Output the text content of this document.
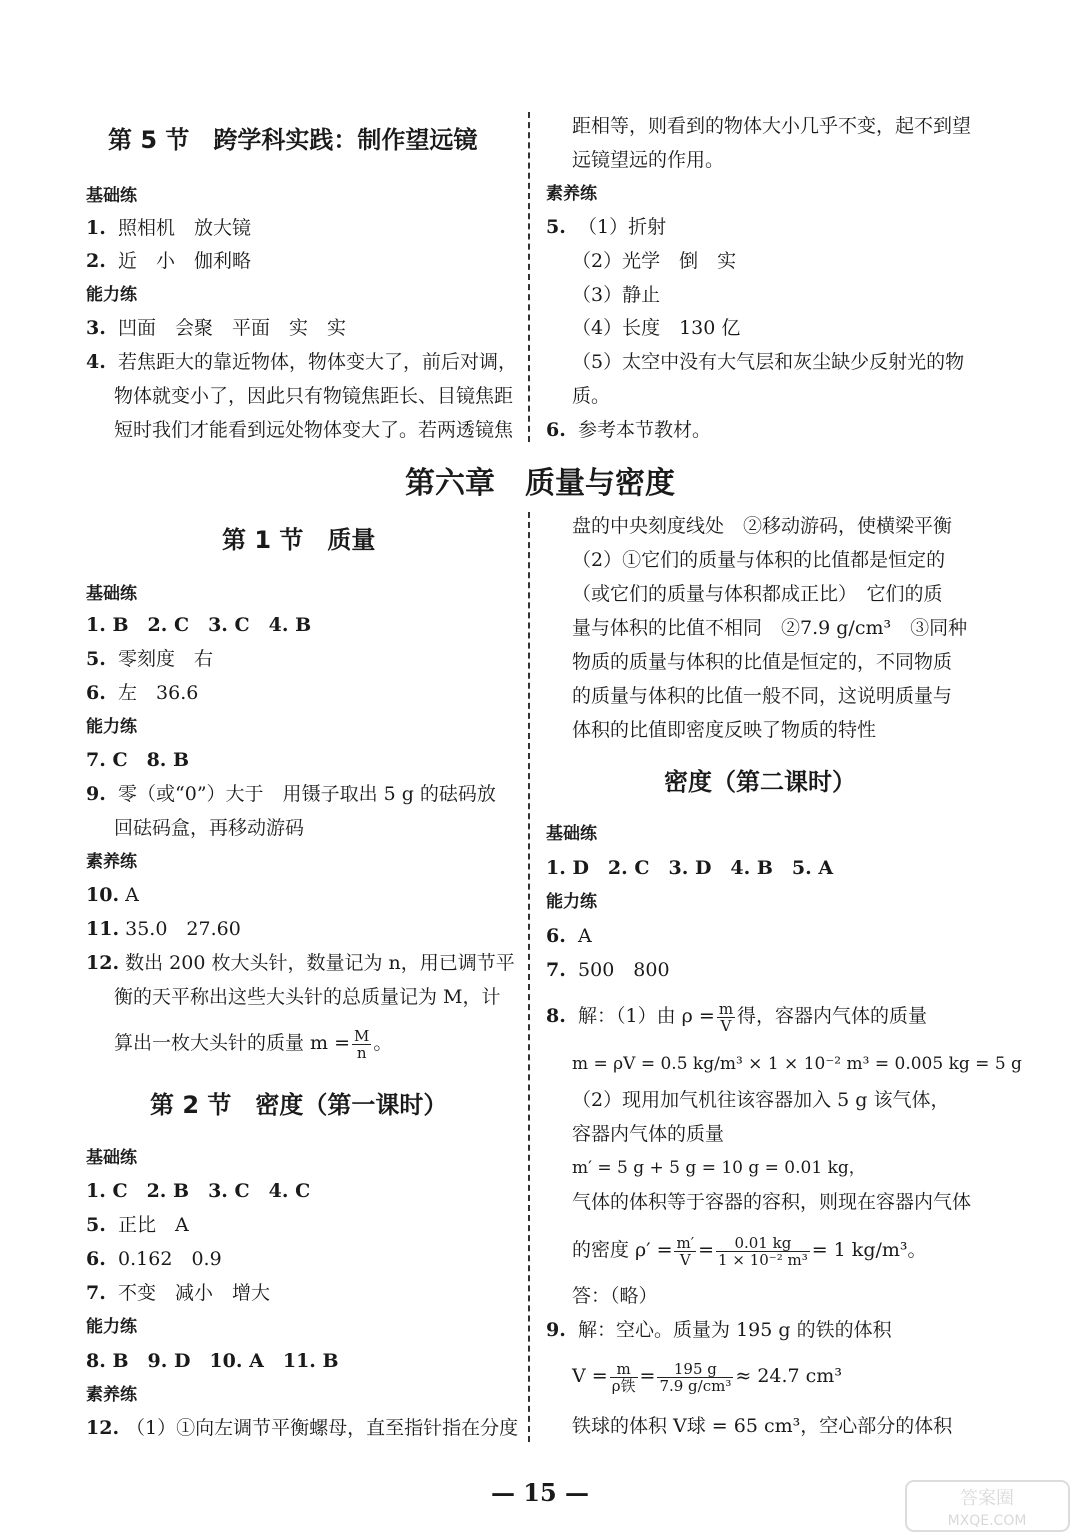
第 5 节　跨学科实践：制作望远镜
基础练
1. 照相机　放大镜
2. 近　小　伽利略
能力练
3. 凹面　会聚　平面　实　实
4. 若焦距大的靠近物体，物体变大了，前后对调，
物体就变小了，因此只有物镜焦距长、目镜焦距
短时我们才能看到远处物体变大了。若两透镜焦
距相等，则看到的物体大小几乎不变，起不到望
远镜望远的作用。
素养练
5. （1）折射
（2）光学　倒　实
（3）静止
（4）长度　130 亿
（5）太空中没有大气层和灰尘缺少反射光的物
质。
6. 参考本节教材。
第六章　质量与密度
第 1 节　质量
基础练
1. B　2. C　3. C　4. B
5. 零刻度　右
6. 左　36.6
能力练
7. C　8. B
9. 零（或“0”）大于　用镊子取出 5 g 的砝码放
回砝码盒，再移动游码
素养练
10. A
11. 35.0　27.60
12. 数出 200 枚大头针，数量记为 n，用已调节平
衡的天平称出这些大头针的总质量记为 M，计
算出一枚大头针的质量 $m = \frac{M}{n}$ 。
第 2 节　密度（第一课时）
基础练
1. C　2. B　3. C　4. C
5. 正比　A
6. 0.162　0.9
7. 不变　减小　增大
能力练
8. B　9. D　10. A　11. B
素养练
12. （1）①向左调节平衡螺母，直至指针指在分度
盘的中央刻度线处　②移动游码，使横梁平衡
（2）①它们的质量与体积的比值都是恒定的
（或它们的质量与体积都成正比）　它们的质
量与体积的比值不相同　②7.9 g/cm³　③同种
物质的质量与体积的比值是恒定的，不同物质
的质量与体积的比值一般不同，这说明质量与
体积的比值即密度反映了物质的特性
密度（第二课时）
基础练
1. D　2. C　3. D　4. B　5. A
能力练
6. A
7. 500　800
8. 解：（1）由 $\rho = \frac{m}{V}$ 得，容器内气体的质量
m = ρV = 0.5 kg/m³ × 1 × 10⁻² m³ = 0.005 kg = 5 g
（2）现用加气机往该容器加入 5 g 该气体，
容器内气体的质量
m′ = 5 g + 5 g = 10 g = 0.01 kg，
气体的体积等于容器的容积，则现在容器内气体
的密度 $\rho' = \frac{m'}{V} = \frac{0.01 kg}{\text{1 × 10⁻² m³}} = 1$ kg/m³。
答：（略）
9. 解：空心。质量为 195 g 的铁的体积
$V = \frac{m}{\text{ρ铁}} = \frac{195 g}{\text{7.9 g/cm³}} \approx 24.7$ cm³
铁球的体积 V球 = 65 cm³，空心部分的体积
— 15 —	答案圈
MXQE.COM
